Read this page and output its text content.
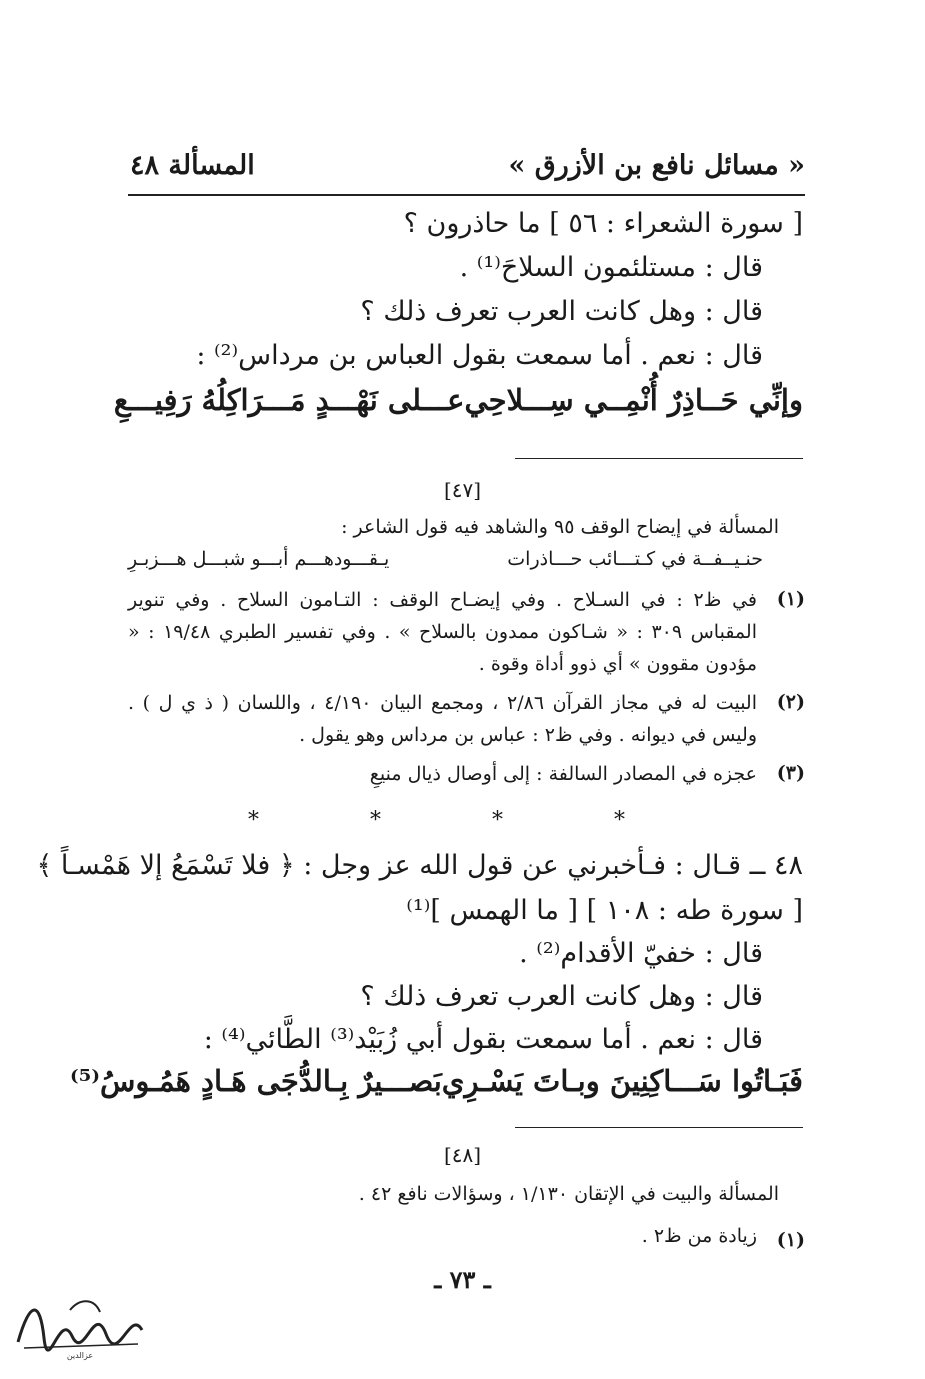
« مسائل نافع بن الأزرق »
المسألة ٤٨
[ سورة الشعراء : ٥٦ ] ما حاذرون ؟
قال : مستلئمون السلاحَ⁽¹⁾ .
قال : وهل كانت العرب تعرف ذلك ؟
قال : نعم . أما سمعت بقول العباس بن مرداس⁽²⁾ :
وإنِّي حَــاذِرٌ أُنْمِــي سِـــلاحِي
عـــلى نَهْـــدٍ مَـــرَاكِلُهُ رَفِيـــعِ
[٤٧]
المسألة في إيضاح الوقف ٩٥ والشاهد فيه قول الشاعر :
حنـيــفــة في كـتـــائب حـــاذرات
يـقـــودهـــم أبـــو شبـــل هـــزبـرِ
(١)
في ظ٢ : في السـلاح . وفي إيضـاح الوقف : التـامون السلاح . وفي تنوير المقباس ٣٠٩ : « شـاكون ممدون بالسلاح » . وفي تفسير الطبري ١٩/٤٨ : « مؤدون مقوون » أي ذوو أداة وقوة .
(٢)
البيت له في مجاز القرآن ٢/٨٦ ، ومجمع البيان ٤/١٩٠ ، واللسان ( ذ ي ل ) . وليس في ديوانه . وفي ظ٢ : عباس بن مرداس وهو يقول .
(٣)
عجزه في المصادر السالفة : إلى أوصال ذيال منيعِ
* * * *
٤٨ ــ قـال : فـأخبرني عن قول الله عز وجل : ﴿ فلا تَسْمَعُ إلا هَمْسـاً ﴾
[ سورة طه : ١٠٨ ] [ ما الهمس ]⁽¹⁾
قال : خفيّ الأقدام⁽²⁾ .
قال : وهل كانت العرب تعرف ذلك ؟
قال : نعم . أما سمعت بقول أبي زُبَيْد⁽³⁾ الطَّائي⁽⁴⁾ :
فَبَـاتُوا سَـــاكِنِينَ وبـاتَ يَسْـرِي
بَصـــيرٌ بِـالدُّجَى هَـادٍ هَمُـوسُ⁽⁵⁾
[٤٨]
المسألة والبيت في الإتقان ١/١٣٠ ، وسؤالات نافع ٤٢ .
(١)
زيادة من ظ٢ .
ـ ٧٣ ـ
عزالدين
